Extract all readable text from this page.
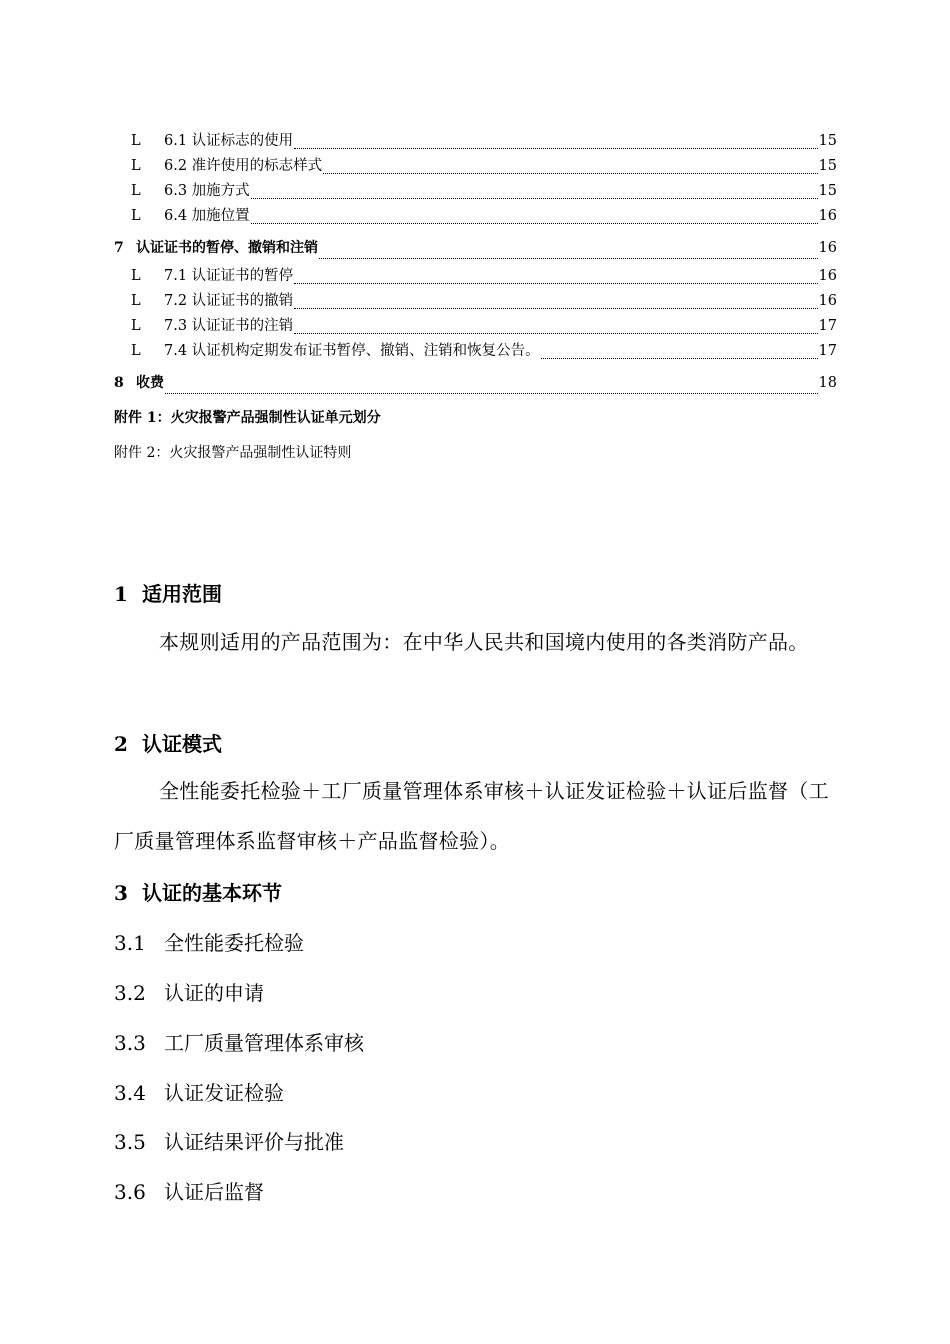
L	6.1 认证标志的使用	15
L	6.2 准许使用的标志样式	15
L	6.3 加施方式	15
L	6.4 加施位置	16
7 认证证书的暂停、撤销和注销	16
L	7.1 认证证书的暂停	16
L	7.2 认证证书的撤销	16
L	7.3 认证证书的注销	17
L	7.4 认证机构定期发布证书暂停、撤销、注销和恢复公告。	17
8 收费	18
附件 1：火灾报警产品强制性认证单元划分
附件 2：火灾报警产品强制性认证特则
1 适用范围
本规则适用的产品范围为：在中华人民共和国境内使用的各类消防产品。
2 认证模式
全性能委托检验＋工厂质量管理体系审核＋认证发证检验＋认证后监督（工厂质量管理体系监督审核＋产品监督检验）。
3 认证的基本环节
3.1 全性能委托检验
3.2 认证的申请
3.3 工厂质量管理体系审核
3.4 认证发证检验
3.5 认证结果评价与批准
3.6 认证后监督
